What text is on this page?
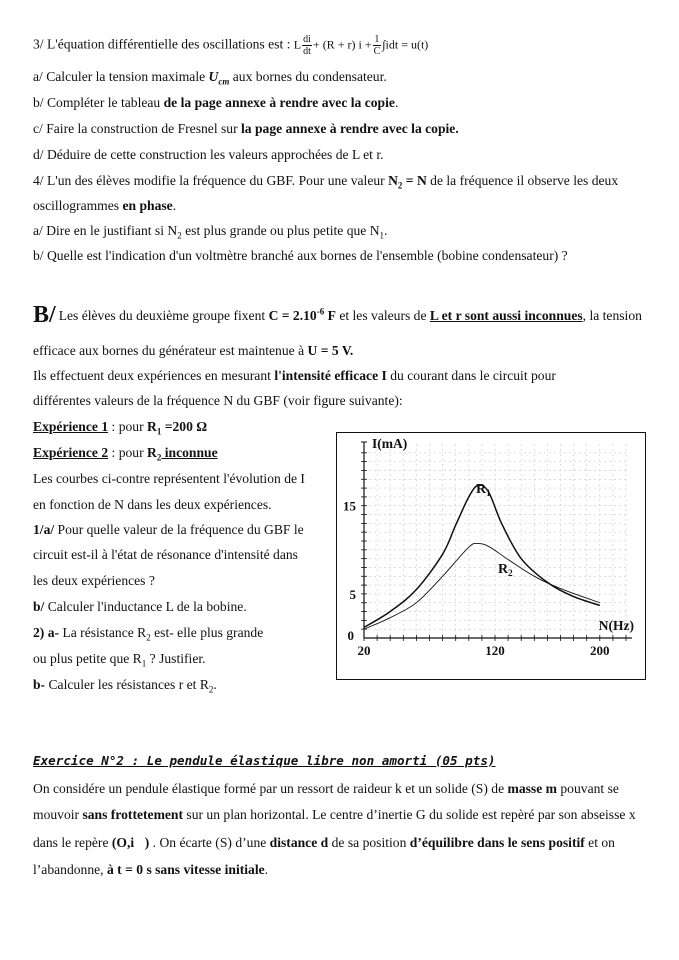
3/ L'équation différentielle des oscillations est : L $\frac{di}{dt} + (R + r) i + \frac{1}{C} \int idt = u(t)$
a/ Calculer la tension maximale $U_{cm}$ aux bornes du condensateur.
b/ Compléter le tableau de la page annexe à rendre avec la copie.
c/ Faire la construction de Fresnel sur la page annexe à rendre avec la copie.
d/ Déduire de cette construction les valeurs approchées de L et r.
4/ L'un des élèves modifie la fréquence du GBF. Pour une valeur $N_2 = N$ de la fréquence il observe les deux
oscillogrammes en phase.
a/ Dire en le justifiant si $N_2$ est plus grande ou plus petite que $N_1$.
b/ Quelle est l'indication d'un voltmètre branché aux bornes de l'ensemble (bobine condensateur) ?
B/ Les élèves du deuxième groupe fixent $C = 2.10^{-6}$ F et les valeurs de L et r sont aussi inconnues, la tension
efficace aux bornes du générateur est maintenue à U = 5 V.
Ils effectuent deux expériences en mesurant l'intensité efficace I du courant dans le circuit pour
différentes valeurs de la fréquence N du GBF (voir figure suivante):
Expérience 1 : pour $R_1 =200$ Ω
Expérience 2 : pour $R_2$ inconnue
Les courbes ci-contre représentent l'évolution de I
en fonction de N dans les deux expériences.
1/a/ Pour quelle valeur de la fréquence du GBF le
circuit est-il à l'état de résonance d'intensité dans
les deux expériences ?
b/ Calculer l'inductance L de la bobine.
2) a- La résistance $R_2$ est- elle plus grande
ou plus petite que $R_1$ ? Justifier.
b- Calculer les résistances r et $R_2$.
20	120	200
0
5
15
I(mA)
N(Hz)
$R_1$
$R_2$
Exercice N°2 : Le pendule élastique libre non amorti (05 pts)
On considére un pendule élastique formé par un ressort de raideur k et un solide (S) de masse m pouvant se
mouvoir sans frottetement sur un plan horizontal. Le centre d’inertie G du solide est repèré par son abseisse x
dans le repère (O,i⃗) . On écarte (S) d’une distance d de sa position d’équilibre dans le sens positif et on
l’abandonne, à t = 0 s sans vitesse initiale.
